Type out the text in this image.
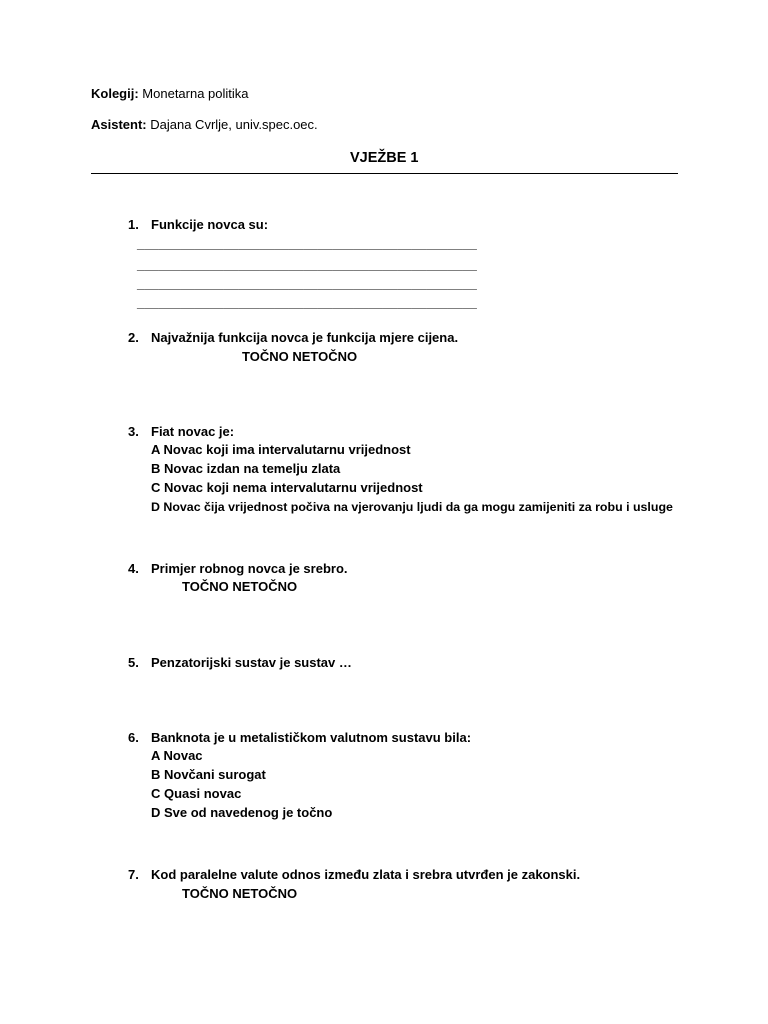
Kolegij: Monetarna politika
Asistent: Dajana Cvrlje, univ.spec.oec.
VJEŽBE 1
1. Funkcije novca su:
_______________________________________________
_______________________________________________
_______________________________________________
_______________________________________________
2. Najvažnija funkcija novca je funkcija mjere cijena.
TOČNO NETOČNO
3. Fiat novac je:
A Novac koji ima intervalutarnu vrijednost
B Novac izdan na temelju zlata
C Novac koji nema intervalutarnu vrijednost
D Novac čija vrijednost počiva na vjerovanju ljudi da ga mogu zamijeniti za robu i usluge
4. Primjer robnog novca je srebro.
TOČNO NETOČNO
5. Penzatorijski sustav je sustav …
6. Banknota je u metalističkom valutnom sustavu bila:
A Novac
B Novčani surogat
C Quasi novac
D Sve od navedenog je točno
7. Kod paralelne valute odnos između zlata i srebra utvrđen je zakonski.
TOČNO NETOČNO
